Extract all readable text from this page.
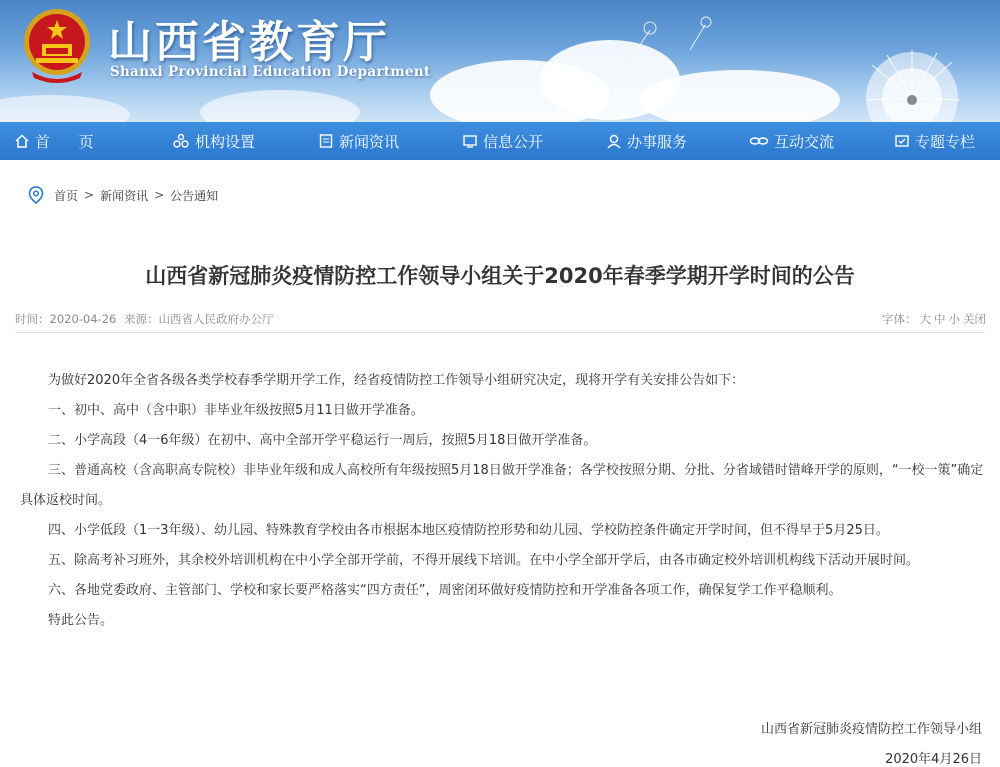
山西省教育厅
Shanxi Provincial Education Department
首      页	机构设置	新闻资讯	信息公开	办事服务	互动交流	专题专栏
首页 > 新闻资讯 > 公告通知
山西省新冠肺炎疫情防控工作领导小组关于2020年春季学期开学时间的公告
时间：2020-04-26 来源：山西省人民政府办公厅	字体： 大 中 小 关闭

为做好2020年全省各级各类学校春季学期开学工作，经省疫情防控工作领导小组研究决定，现将开学有关安排公告如下：

一、初中、高中（含中职）非毕业年级按照5月11日做开学准备。

二、小学高段（4一6年级）在初中、高中全部开学平稳运行一周后，按照5月18日做开学准备。

三、普通高校（含高职高专院校）非毕业年级和成人高校所有年级按照5月18日做开学准备；各学校按照分期、分批、分省域错时错峰开学的原则，“一校一策”确定具体返校时间。

四、小学低段（1一3年级）、幼儿园、特殊教育学校由各市根据本地区疫情防控形势和幼儿园、学校防控条件确定开学时间，但不得早于5月25日。

五、除高考补习班外，其余校外培训机构在中小学全部开学前，不得开展线下培训。在中小学全部开学后，由各市确定校外培训机构线下活动开展时间。

六、各地党委政府、主管部门、学校和家长要严格落实“四方责任”，周密闭环做好疫情防控和开学准备各项工作，确保复学工作平稳顺利。

特此公告。

山西省新冠肺炎疫情防控工作领导小组
2020年4月26日
